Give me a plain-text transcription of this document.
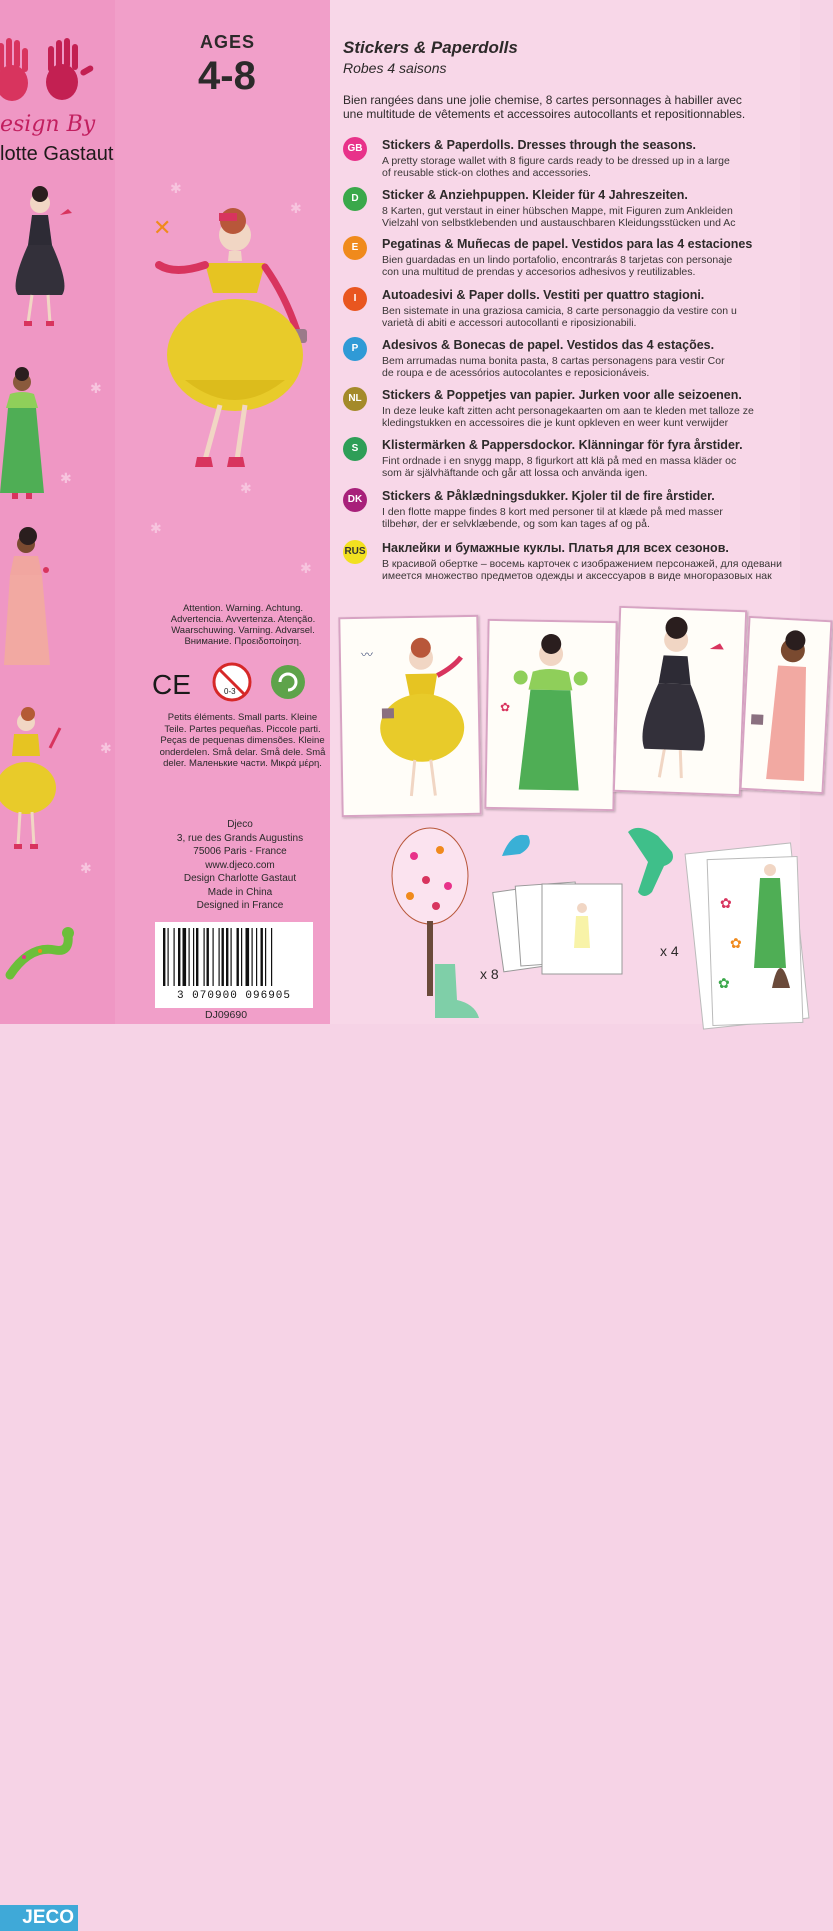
✱
✱
✱
✱
✱
✱
✱
✱
✱
esign By
lotte Gastaut
AGES
4-8
✕
Attention. Warning. Achtung.
Advertencia. Avvertenza. Atenção.
Waarschuwing. Varning. Advarsel.
Внимание. Προειδοποίηση.
CE	0-3
Petits éléments. Small parts. Kleine
Teile. Partes pequeñas. Piccole parti.
Peças de pequenas dimensões. Kleine
onderdelen. Små delar. Små dele. Små
deler. Маленькие части. Μικρά μέρη.
Djeco
3, rue des Grands Augustins
75006 Paris - France
www.djeco.com
Design Charlotte Gastaut
Made in China
Designed in France
3 070900 096905
DJ09690
JECO
Stickers & Paperdolls
Robes 4 saisons
Bien rangées dans une jolie chemise, 8 cartes personnages à habiller avec
une multitude de vêtements et accessoires autocollants et repositionnables.
GB	Stickers & Paperdolls. Dresses through the seasons.
A pretty storage wallet with 8 figure cards ready to be dressed up in a large
of reusable stick-on clothes and accessories.
D	Sticker & Anziehpuppen. Kleider für 4 Jahreszeiten.
8 Karten, gut verstaut in einer hübschen Mappe, mit Figuren zum Ankleiden
Vielzahl von selbstklebenden und austauschbaren Kleidungsstücken und Ac
E	Pegatinas & Muñecas de papel. Vestidos para las 4 estaciones
Bien guardadas en un lindo portafolio, encontrarás 8 tarjetas con personaje
con una multitud de prendas y accesorios adhesivos y reutilizables.
I	Autoadesivi & Paper dolls. Vestiti per quattro stagioni.
Ben sistemate in una graziosa camicia, 8 carte personaggio da vestire con u
varietà di abiti e accessori autocollanti e riposizionabili.
P	Adesivos & Bonecas de papel. Vestidos das 4 estações.
Bem arrumadas numa bonita pasta, 8 cartas personagens para vestir Cor
de roupa e de acessórios autocolantes e reposicionáveis.
NL	Stickers & Poppetjes van papier. Jurken voor alle seizoenen.
In deze leuke kaft zitten acht personagekaarten om aan te kleden met talloze ze
kledingstukken en accessoires die je kunt opkleven en weer kunt verwijder
S	Klistermärken & Pappersdockor. Klänningar för fyra årstider.
Fint ordnade i en snygg mapp, 8 figurkort att klä på med en massa kläder oc
som är självhäftande och går att lossa och använda igen.
DK	Stickers & Påklædningsdukker. Kjoler til de fire årstider.
I den flotte mappe findes 8 kort med personer til at klæde på med masser
tilbehør, der er selvklæbende, og som kan tages af og på.
RUS Наклейки и бумажные куклы. Платья для всех сезонов.
В красивой обертке – восемь карточек с изображением персонажей, для одевани
имеется множество предметов одежды и аксессуаров в виде многоразовых нак
〰
✿
x 8
x 4
✿
✿
✿
